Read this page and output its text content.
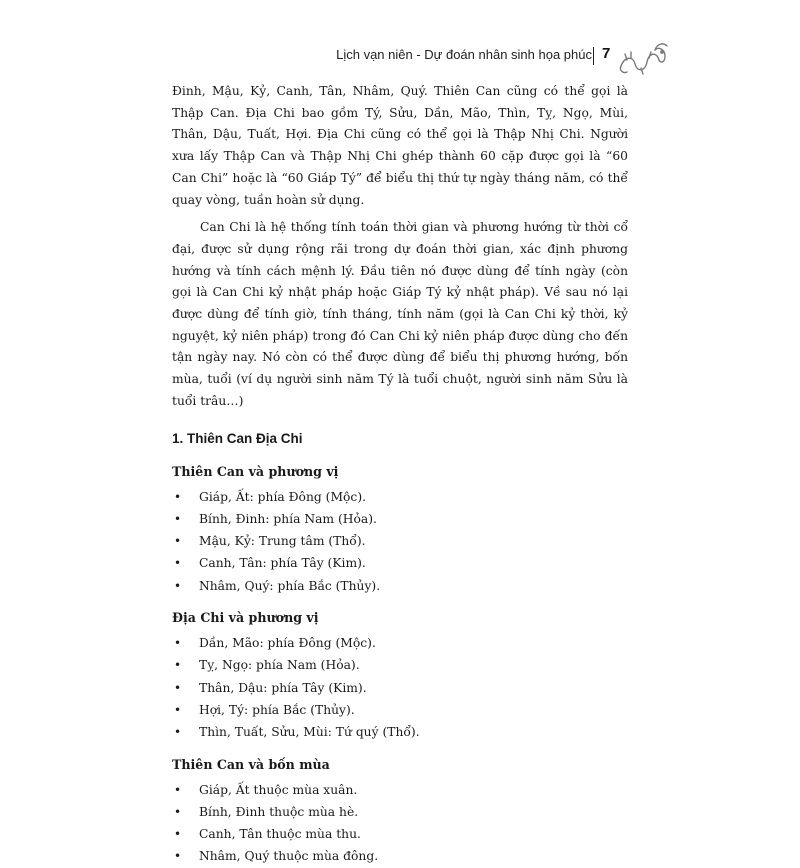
Lịch vạn niên - Dự đoán nhân sinh họa phúc 7

Đinh, Mậu, Kỷ, Canh, Tân, Nhâm, Quý. Thiên Can cũng có thể gọi là Thập Can. Địa Chi bao gồm Tý, Sửu, Dần, Mão, Thìn, Tỵ, Ngọ, Mùi, Thân, Dậu, Tuất, Hợi. Địa Chi cũng có thể gọi là Thập Nhị Chi. Người xưa lấy Thập Can và Thập Nhị Chi ghép thành 60 cặp được gọi là “60 Can Chi” hoặc là “60 Giáp Tý” để biểu thị thứ tự ngày tháng năm, có thể quay vòng, tuần hoàn sử dụng.

Can Chi là hệ thống tính toán thời gian và phương hướng từ thời cổ đại, được sử dụng rộng rãi trong dự đoán thời gian, xác định phương hướng và tính cách mệnh lý. Đầu tiên nó được dùng để tính ngày (còn gọi là Can Chi kỷ nhật pháp hoặc Giáp Tý kỷ nhật pháp). Về sau nó lại được dùng để tính giờ, tính tháng, tính năm (gọi là Can Chi kỷ thời, kỷ nguyệt, kỷ niên pháp) trong đó Can Chi kỷ niên pháp được dùng cho đến tận ngày nay. Nó còn có thể được dùng để biểu thị phương hướng, bốn mùa, tuổi (ví dụ người sinh năm Tý là tuổi chuột, người sinh năm Sửu là tuổi trâu…)

1. Thiên Can Địa Chi
Thiên Can và phương vị
• Giáp, Ất: phía Đông (Mộc).
• Bính, Đinh: phía Nam (Hỏa).
• Mậu, Kỷ: Trung tâm (Thổ).
• Canh, Tân: phía Tây (Kim).
• Nhâm, Quý: phía Bắc (Thủy).
Địa Chi và phương vị
• Dần, Mão: phía Đông (Mộc).
• Tỵ, Ngọ: phía Nam (Hỏa).
• Thân, Dậu: phía Tây (Kim).
• Hợi, Tý: phía Bắc (Thủy).
• Thìn, Tuất, Sửu, Mùi: Tứ quý (Thổ).
Thiên Can và bốn mùa
• Giáp, Ất thuộc mùa xuân.
• Bính, Đinh thuộc mùa hè.
• Canh, Tân thuộc mùa thu.
• Nhâm, Quý thuộc mùa đông.
